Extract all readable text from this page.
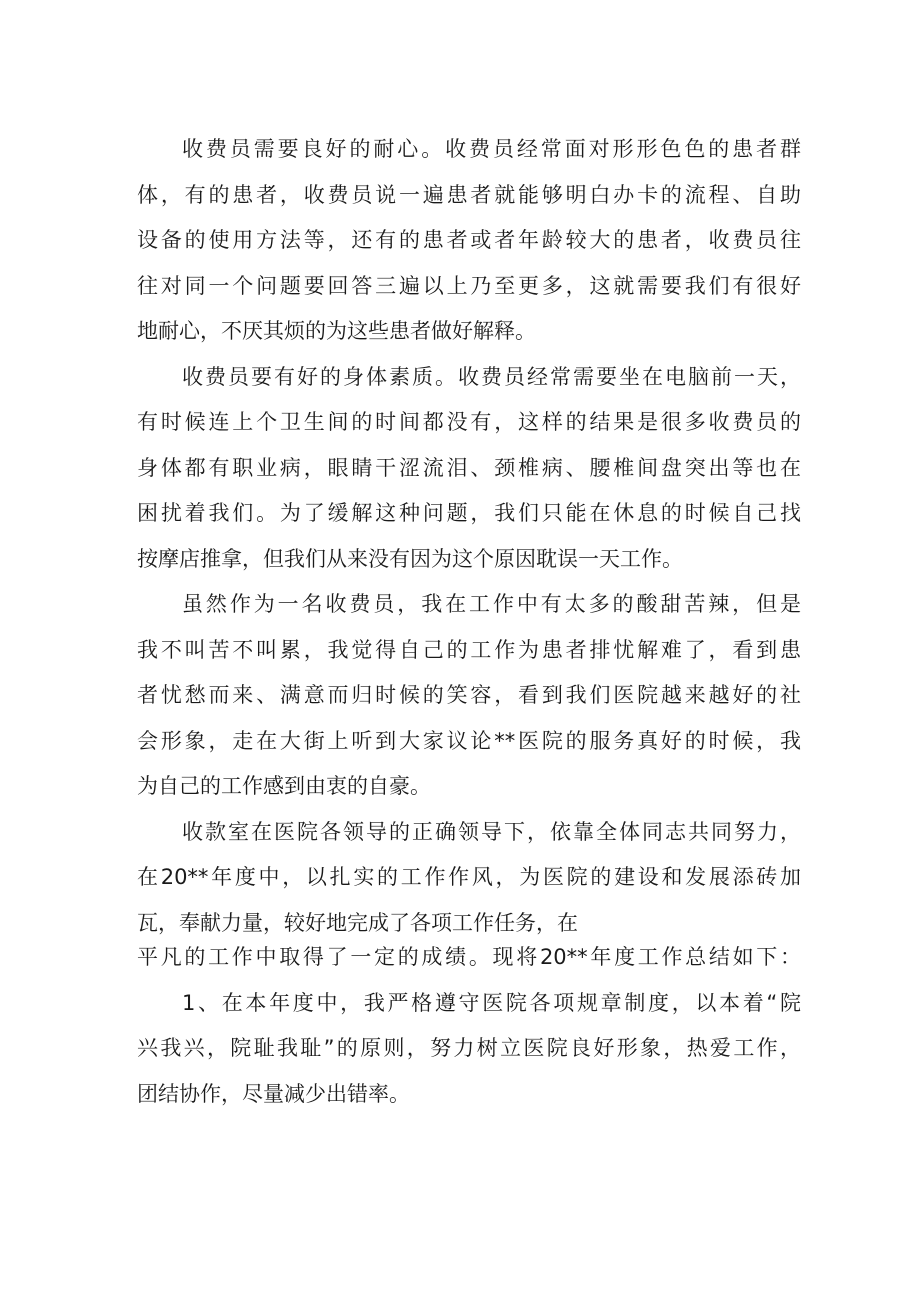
收费员需要良好的耐心。收费员经常面对形形色色的患者群
体，有的患者，收费员说一遍患者就能够明白办卡的流程、自助
设备的使用方法等，还有的患者或者年龄较大的患者，收费员往
往对同一个问题要回答三遍以上乃至更多，这就需要我们有很好
地耐心，不厌其烦的为这些患者做好解释。
收费员要有好的身体素质。收费员经常需要坐在电脑前一天，
有时候连上个卫生间的时间都没有，这样的结果是很多收费员的
身体都有职业病，眼睛干涩流泪、颈椎病、腰椎间盘突出等也在
困扰着我们。为了缓解这种问题，我们只能在休息的时候自己找
按摩店推拿，但我们从来没有因为这个原因耽误一天工作。
虽然作为一名收费员，我在工作中有太多的酸甜苦辣，但是
我不叫苦不叫累，我觉得自己的工作为患者排忧解难了，看到患
者忧愁而来、满意而归时候的笑容，看到我们医院越来越好的社
会形象，走在大街上听到大家议论**医院的服务真好的时候，我
为自己的工作感到由衷的自豪。
收款室在医院各领导的正确领导下，依靠全体同志共同努力，
在20**年度中，以扎实的工作作风，为医院的建设和发展添砖加
瓦，奉献力量，较好地完成了各项工作任务，在
平凡的工作中取得了一定的成绩。现将20**年度工作总结如下：
1、在本年度中，我严格遵守医院各项规章制度，以本着“院
兴我兴，院耻我耻”的原则，努力树立医院良好形象，热爱工作，
团结协作，尽量减少出错率。
